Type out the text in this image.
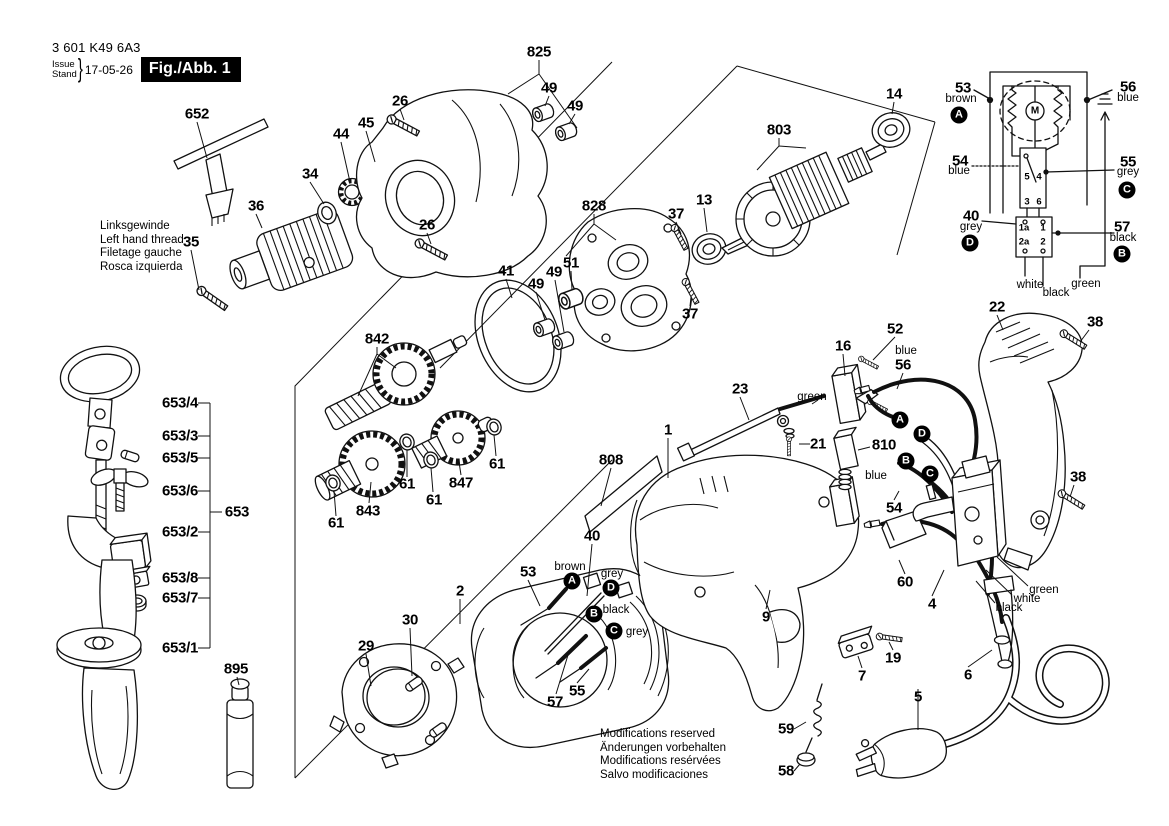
3 601 K49 6A3
Issue
Stand } 17-05-26	Fig./Abb. 1
Linksgewinde
Left hand thread
Filetage gauche
Rosca izquierda
Modifications reserved
Änderungen vorbehalten
Modifications resérvées
Salvo modificaciones
M
652
35
36
34
44
45
26
26
825
49
49
41
49
49
51
828	37
13
37
803
14
842
61
843
61
61
847
61
23
21
1
808
16
52
56
810
54
22
38
38
53
40
57
55
2
30
29
895
653/4
653/3
653/5
653/6
653
653/2
653/8
653/7
653/1
9
60
4
7
19
59
58
5
6
53	56
54	55
40
57
blue
blue
brown
grey
black
grey
green
green
white
black
brown	blue
blue	grey
grey
black
white
black
green
A
D
B
C
A
D
B
C
A
C
D
B
5 4
3 6
1a 1
2a 2
